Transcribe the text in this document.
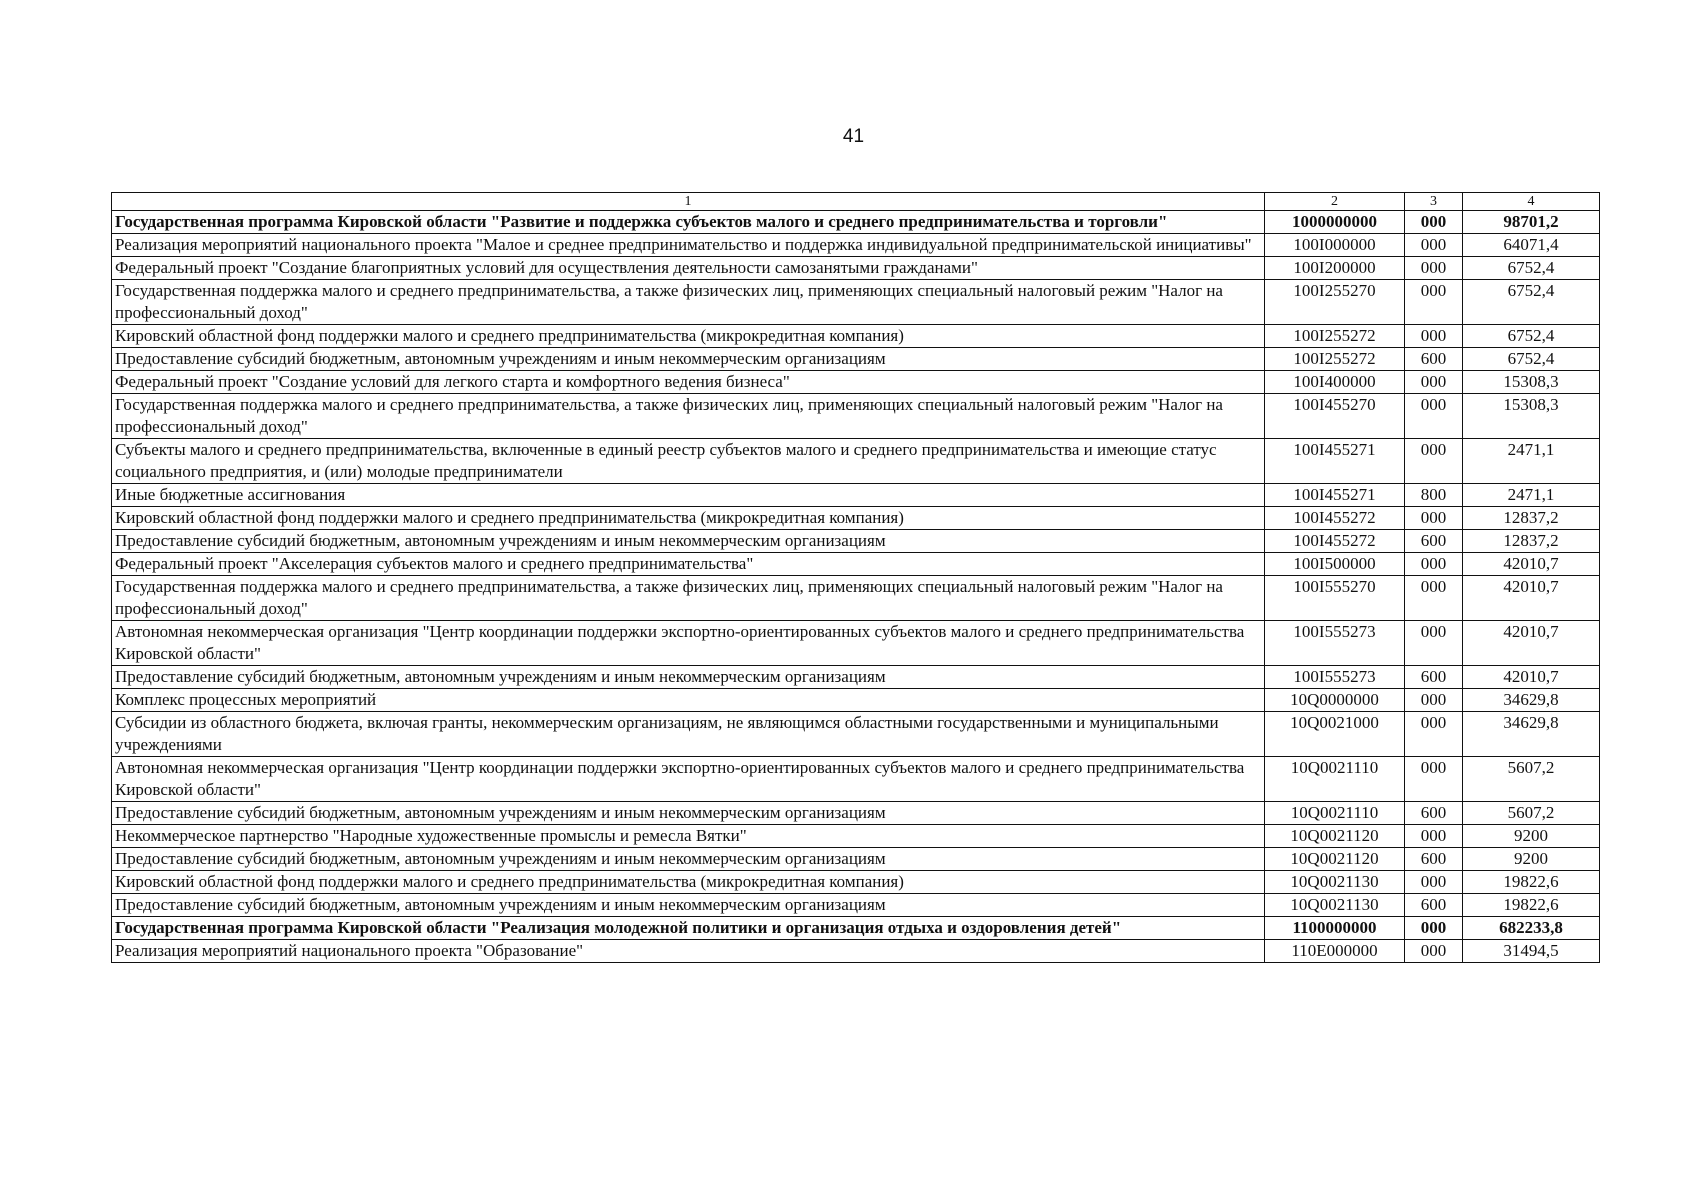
41
1	2	3	4
Государственная программа Кировской области "Развитие и поддержка субъектов малого и среднего предпринимательства и торговли"	1000000000	000	98701,2
Реализация мероприятий национального проекта "Малое и среднее предпринимательство и поддержка индивидуальной предпринимательской инициативы"	100I000000	000	64071,4
Федеральный проект "Создание благоприятных условий для осуществления деятельности самозанятыми гражданами"	100I200000	000	6752,4
Государственная поддержка малого и среднего предпринимательства, а также физических лиц, применяющих специальный налоговый режим "Налог на профессиональный доход"	100I255270	000	6752,4
Кировский областной фонд поддержки малого и среднего предпринимательства (микрокредитная компания)	100I255272	000	6752,4
Предоставление субсидий бюджетным, автономным учреждениям и иным некоммерческим организациям	100I255272	600	6752,4
Федеральный проект "Создание условий для легкого старта и комфортного ведения бизнеса"	100I400000	000	15308,3
Государственная поддержка малого и среднего предпринимательства, а также физических лиц, применяющих специальный налоговый режим "Налог на профессиональный доход"	100I455270	000	15308,3
Субъекты малого и среднего предпринимательства, включенные в единый реестр субъектов малого и среднего предпринимательства и имеющие статус социального предприятия, и (или) молодые предприниматели	100I455271	000	2471,1
Иные бюджетные ассигнования	100I455271	800	2471,1
Кировский областной фонд поддержки малого и среднего предпринимательства (микрокредитная компания)	100I455272	000	12837,2
Предоставление субсидий бюджетным, автономным учреждениям и иным некоммерческим организациям	100I455272	600	12837,2
Федеральный проект "Акселерация субъектов малого и среднего предпринимательства"	100I500000	000	42010,7
Государственная поддержка малого и среднего предпринимательства, а также физических лиц, применяющих специальный налоговый режим "Налог на профессиональный доход"	100I555270	000	42010,7
Автономная некоммерческая организация "Центр координации поддержки экспортно-ориентированных субъектов малого и среднего предпринимательства Кировской области"	100I555273	000	42010,7
Предоставление субсидий бюджетным, автономным учреждениям и иным некоммерческим организациям	100I555273	600	42010,7
Комплекс процессных мероприятий	10Q0000000	000	34629,8
Субсидии из областного бюджета, включая гранты, некоммерческим организациям, не являющимся областными государственными и муниципальными учреждениями	10Q0021000	000	34629,8
Автономная некоммерческая организация "Центр координации поддержки экспортно-ориентированных субъектов малого и среднего предпринимательства Кировской области"	10Q0021110	000	5607,2
Предоставление субсидий бюджетным, автономным учреждениям и иным некоммерческим организациям	10Q0021110	600	5607,2
Некоммерческое партнерство "Народные художественные промыслы и ремесла Вятки"	10Q0021120	000	9200
Предоставление субсидий бюджетным, автономным учреждениям и иным некоммерческим организациям	10Q0021120	600	9200
Кировский областной фонд поддержки малого и среднего предпринимательства (микрокредитная компания)	10Q0021130	000	19822,6
Предоставление субсидий бюджетным, автономным учреждениям и иным некоммерческим организациям	10Q0021130	600	19822,6
Государственная программа Кировской области "Реализация молодежной политики и организация отдыха и оздоровления детей"	1100000000	000	682233,8
Реализация мероприятий национального проекта "Образование"	110E000000	000	31494,5
